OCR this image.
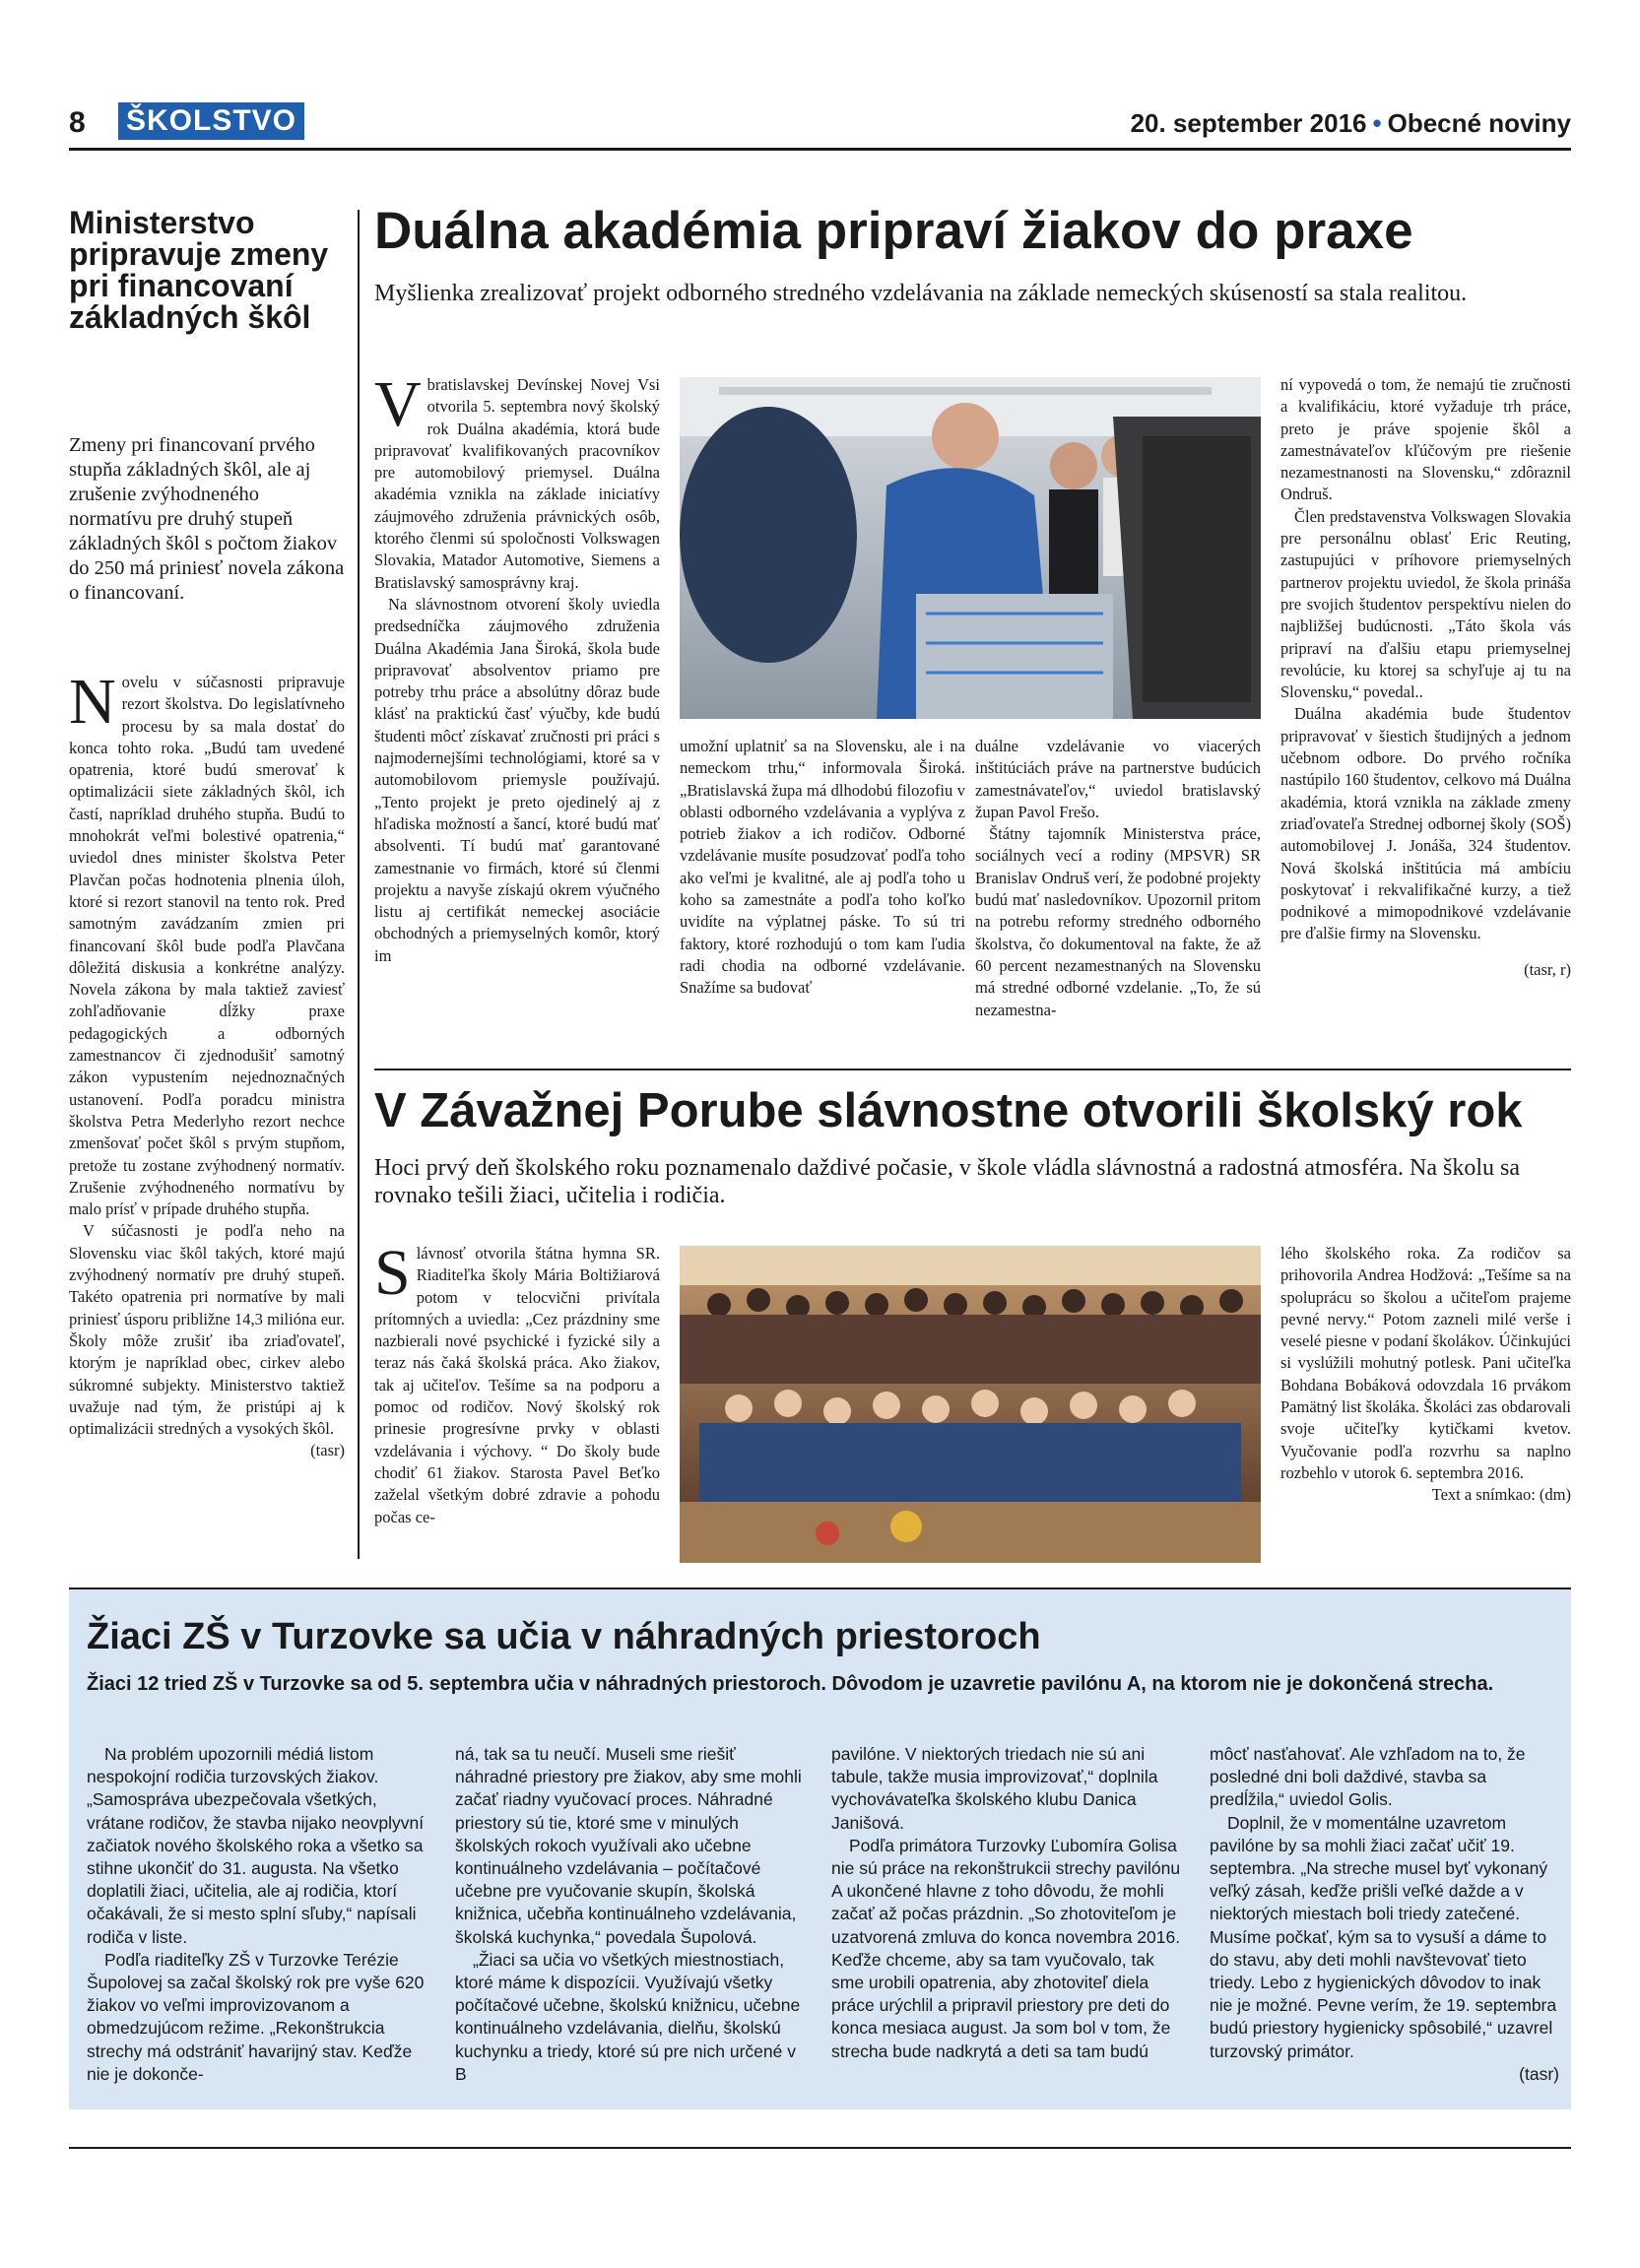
8 ŠKOLSTVO	20. september 2016 • Obecné noviny
Ministerstvo pripravuje zmeny pri financovaní základných škôl
Zmeny pri financovaní prvého stupňa základných škôl, ale aj zrušenie zvýhodneného normatívu pre druhý stupeň základných škôl s počtom žiakov do 250 má priniesť novela zákona o financovaní.

Novelu v súčasnosti pripravuje rezort školstva. Do legislatívneho procesu by sa mala dostať do konca tohto roka. „Budú tam uvedené opatrenia, ktoré budú smerovať k optimalizácii siete základných škôl, ich častí, napríklad druhého stupňa. Budú to mnohokrát veľmi bolestivé opatrenia,“ uviedol dnes minister školstva Peter Plavčan počas hodnotenia plnenia úloh, ktoré si rezort stanovil na tento rok. Pred samotným zavádzaním zmien pri financovaní škôl bude podľa Plavčana dôležitá diskusia a konkrétne analýzy. Novela zákona by mala taktiež zaviesť zohľadňovanie dĺžky praxe pedagogických a odborných zamestnancov či zjednodušiť samotný zákon vypustením nejednoznačných ustanovení. Podľa poradcu ministra školstva Petra Mederlyho rezort nechce zmenšovať počet škôl s prvým stupňom, pretože tu zostane zvýhodnený normatív. Zrušenie zvýhodneného normatívu by malo prísť v prípade druhého stupňa.

V súčasnosti je podľa neho na Slovensku viac škôl takých, ktoré majú zvýhodnený normatív pre druhý stupeň. Takéto opatrenia pri normatíve by mali priniesť úsporu približne 14,3 milióna eur. Školy môže zrušiť iba zriaďovateľ, ktorým je napríklad obec, cirkev alebo súkromné subjekty. Ministerstvo taktiež uvažuje nad tým, že pristúpi aj k optimalizácii stredných a vysokých škôl.

(tasr)
Duálna akadémia pripraví žiakov do praxe
Myšlienka zrealizovať projekt odborného stredného vzdelávania na základe nemeckých skúseností sa stala realitou.

Vbratislavskej Devínskej Novej Vsi otvorila 5. septembra nový školský rok Duálna akadémia, ktorá bude pripravovať kvalifikovaných pracovníkov pre automobilový priemysel. Duálna akadémia vznikla na základe iniciatívy záujmového združenia právnických osôb, ktorého členmi sú spoločnosti Volkswagen Slovakia, Matador Automotive, Siemens a Bratislavský samosprávny kraj.

Na slávnostnom otvorení školy uviedla predsedníčka záujmového združenia Duálna Akadémia Jana Široká, škola bude pripravovať absolventov priamo pre potreby trhu práce a absolútny dôraz bude klásť na praktickú časť výučby, kde budú študenti môcť získavať zručnosti pri práci s najmodernejšími technológiami, ktoré sa v automobilovom priemysle používajú. „Tento projekt je preto ojedinelý aj z hľadiska možností a šancí, ktoré budú mať absolventi. Tí budú mať garantované zamestnanie vo firmách, ktoré sú členmi projektu a navyše získajú okrem výučného listu aj certifikát nemeckej asociácie obchodných a priemyselných komôr, ktorý im

umožní uplatniť sa na Slovensku, ale i na nemeckom trhu,“ informovala Široká.„Bratislavská župa má dlhodobú filozofiu v oblasti odborného vzdelávania a vyplýva z potrieb žiakov a ich rodičov. Odborné vzdelávanie musíte posudzovať podľa toho ako veľmi je kvalitné, ale aj podľa toho u koho sa zamestnáte a podľa toho koľko uvidíte na výplatnej páske. To sú tri faktory, ktoré rozhodujú o tom kam ľudia radi chodia na odborné vzdelávanie. Snažíme sa budovať

duálne vzdelávanie vo viacerých inštitúciách práve na partnerstve budúcich zamestnávateľov,“ uviedol bratislavský župan Pavol Frešo.

Štátny tajomník Ministerstva práce, sociálnych vecí a rodiny (MPSVR) SR Branislav Ondruš verí, že podobné projekty budú mať nasledovníkov. Upozornil pritom na potrebu reformy stredného odborného školstva, čo dokumentoval na fakte, že až 60 percent nezamestnaných na Slovensku má stredné odborné vzdelanie. „To, že sú nezamestna-

ní vypovedá o tom, že nemajú tie zručnosti a kvalifikáciu, ktoré vyžaduje trh práce, preto je práve spojenie škôl a zamestnávateľov kľúčovým pre riešenie nezamestnanosti na Slovensku,“ zdôraznil Ondruš.

Člen predstavenstva Volkswagen Slovakia pre personálnu oblasť Eric Reuting, zastupujúci v príhovore priemyselných partnerov projektu uviedol, že škola prináša pre svojich študentov perspektívu nielen do najbližšej budúcnosti. „Táto škola vás pripraví na ďalšiu etapu priemyselnej revolúcie, ku ktorej sa schyľuje aj tu na Slovensku,“ povedal..

Duálna akadémia bude študentov pripravovať v šiestich študijných a jednom učebnom odbore. Do prvého ročníka nastúpilo 160 študentov, celkovo má Duálna akadémia, ktorá vznikla na základe zmeny zriaďovateľa Strednej odbornej školy (SOŠ) automobilovej J. Jonáša, 324 študentov. Nová školská inštitúcia má ambíciu poskytovať i rekvalifikačné kurzy, a tiež podnikové a mimopodnikové vzdelávanie pre ďalšie firmy na Slovensku.

(tasr, r)
V Závažnej Porube slávnostne otvorili školský rok
Hoci prvý deň školského roku poznamenalo daždivé počasie, v škole vládla slávnostná a radostná atmosféra. Na školu sa rovnako tešili žiaci, učitelia i rodičia.

Slávnosť otvorila štátna hymna SR. Riaditeľka školy Mária Boltižiarová potom v telocvični privítala prítomných a uviedla: „Cez prázdniny sme nazbierali nové psychické i fyzické sily a teraz nás čaká školská práca. Ako žiakov, tak aj učiteľov. Tešíme sa na podporu a pomoc od rodičov. Nový školský rok prinesie progresívne prvky v oblasti vzdelávania i výchovy. “ Do školy bude chodiť 61 žiakov. Starosta Pavel Beťko zaželal všetkým dobré zdravie a pohodu počas ce-

lého školského roka. Za rodičov sa prihovorila Andrea Hodžová: „Tešíme sa na spoluprácu so školou a učiteľom prajeme pevné nervy.“ Potom zazneli milé verše i veselé piesne v podaní školákov. Účinkujúci si vyslúžili mohutný potlesk. Pani učiteľka Bohdana Bobáková odovzdala 16 prvákom Pamätný list školáka. Školáci zas obdarovali svoje učiteľky kytičkami kvetov. Vyučovanie podľa rozvrhu sa naplno rozbehlo v utorok 6. septembra 2016.

Text a snímkao: (dm)
Žiaci ZŠ v Turzovke sa učia v náhradných priestoroch
Žiaci 12 tried ZŠ v Turzovke sa od 5. septembra učia v náhradných priestoroch. Dôvodom je uzavretie pavilónu A, na ktorom nie je dokončená strecha.

Na problém upozornili médiá listom nespokojní rodičia turzovských žiakov. „Samospráva ubezpečovala všetkých, vrátane rodičov, že stavba nijako neovplyvní začiatok nového školského roka a všetko sa stihne ukončiť do 31. augusta. Na všetko doplatili žiaci, učitelia, ale aj rodičia, ktorí očakávali, že si mesto splní sľuby,“ napísali rodiča v liste.

Podľa riaditeľky ZŠ v Turzovke Terézie Šupolovej sa začal školský rok pre vyše 620 žiakov vo veľmi improvizovanom a obmedzujúcom režime. „Rekonštrukcia strechy má odstrániť havarijný stav. Keďže nie je dokonče-

ná, tak sa tu neučí. Museli sme riešiť náhradné priestory pre žiakov, aby sme mohli začať riadny vyučovací proces. Náhradné priestory sú tie, ktoré sme v minulých školských rokoch využívali ako učebne kontinuálneho vzdelávania – počítačové učebne pre vyučovanie skupín, školská knižnica, učebňa kontinuálneho vzdelávania, školská kuchynka,“ povedala Šupolová.

„Žiaci sa učia vo všetkých miestnostiach, ktoré máme k dispozícii. Využívajú všetky počítačové učebne, školskú knižnicu, učebne kontinuálneho vzdelávania, dielňu, školskú kuchynku a triedy, ktoré sú pre nich určené v B

pavilóne. V niektorých triedach nie sú ani tabule, takže musia improvizovať,“ doplnila vychovávateľka školského klubu Danica Janišová.

Podľa primátora Turzovky Ľubomíra Golisa nie sú práce na rekonštrukcii strechy pavilónu A ukončené hlavne z toho dôvodu, že mohli začať až počas prázdnin. „So zhotoviteľom je uzatvorená zmluva do konca novembra 2016. Keďže chceme, aby sa tam vyučovalo, tak sme urobili opatrenia, aby zhotoviteľ diela práce urýchlil a pripravil priestory pre deti do konca mesiaca august. Ja som bol v tom, že strecha bude nadkrytá a deti sa tam budú

môcť nasťahovať. Ale vzhľadom na to, že posledné dni boli daždivé, stavba sa predĺžila,“ uviedol Golis.

Doplnil, že v momentálne uzavretom pavilóne by sa mohli žiaci začať učiť 19. septembra. „Na streche musel byť vykonaný veľký zásah, keďže prišli veľké dažde a v niektorých miestach boli triedy zatečené. Musíme počkať, kým sa to vysuší a dáme to do stavu, aby deti mohli navštevovať tieto triedy. Lebo z hygienických dôvodov to inak nie je možné. Pevne verím, že 19. septembra budú priestory hygienicky spôsobilé,“ uzavrel turzovský primátor.

(tasr)
